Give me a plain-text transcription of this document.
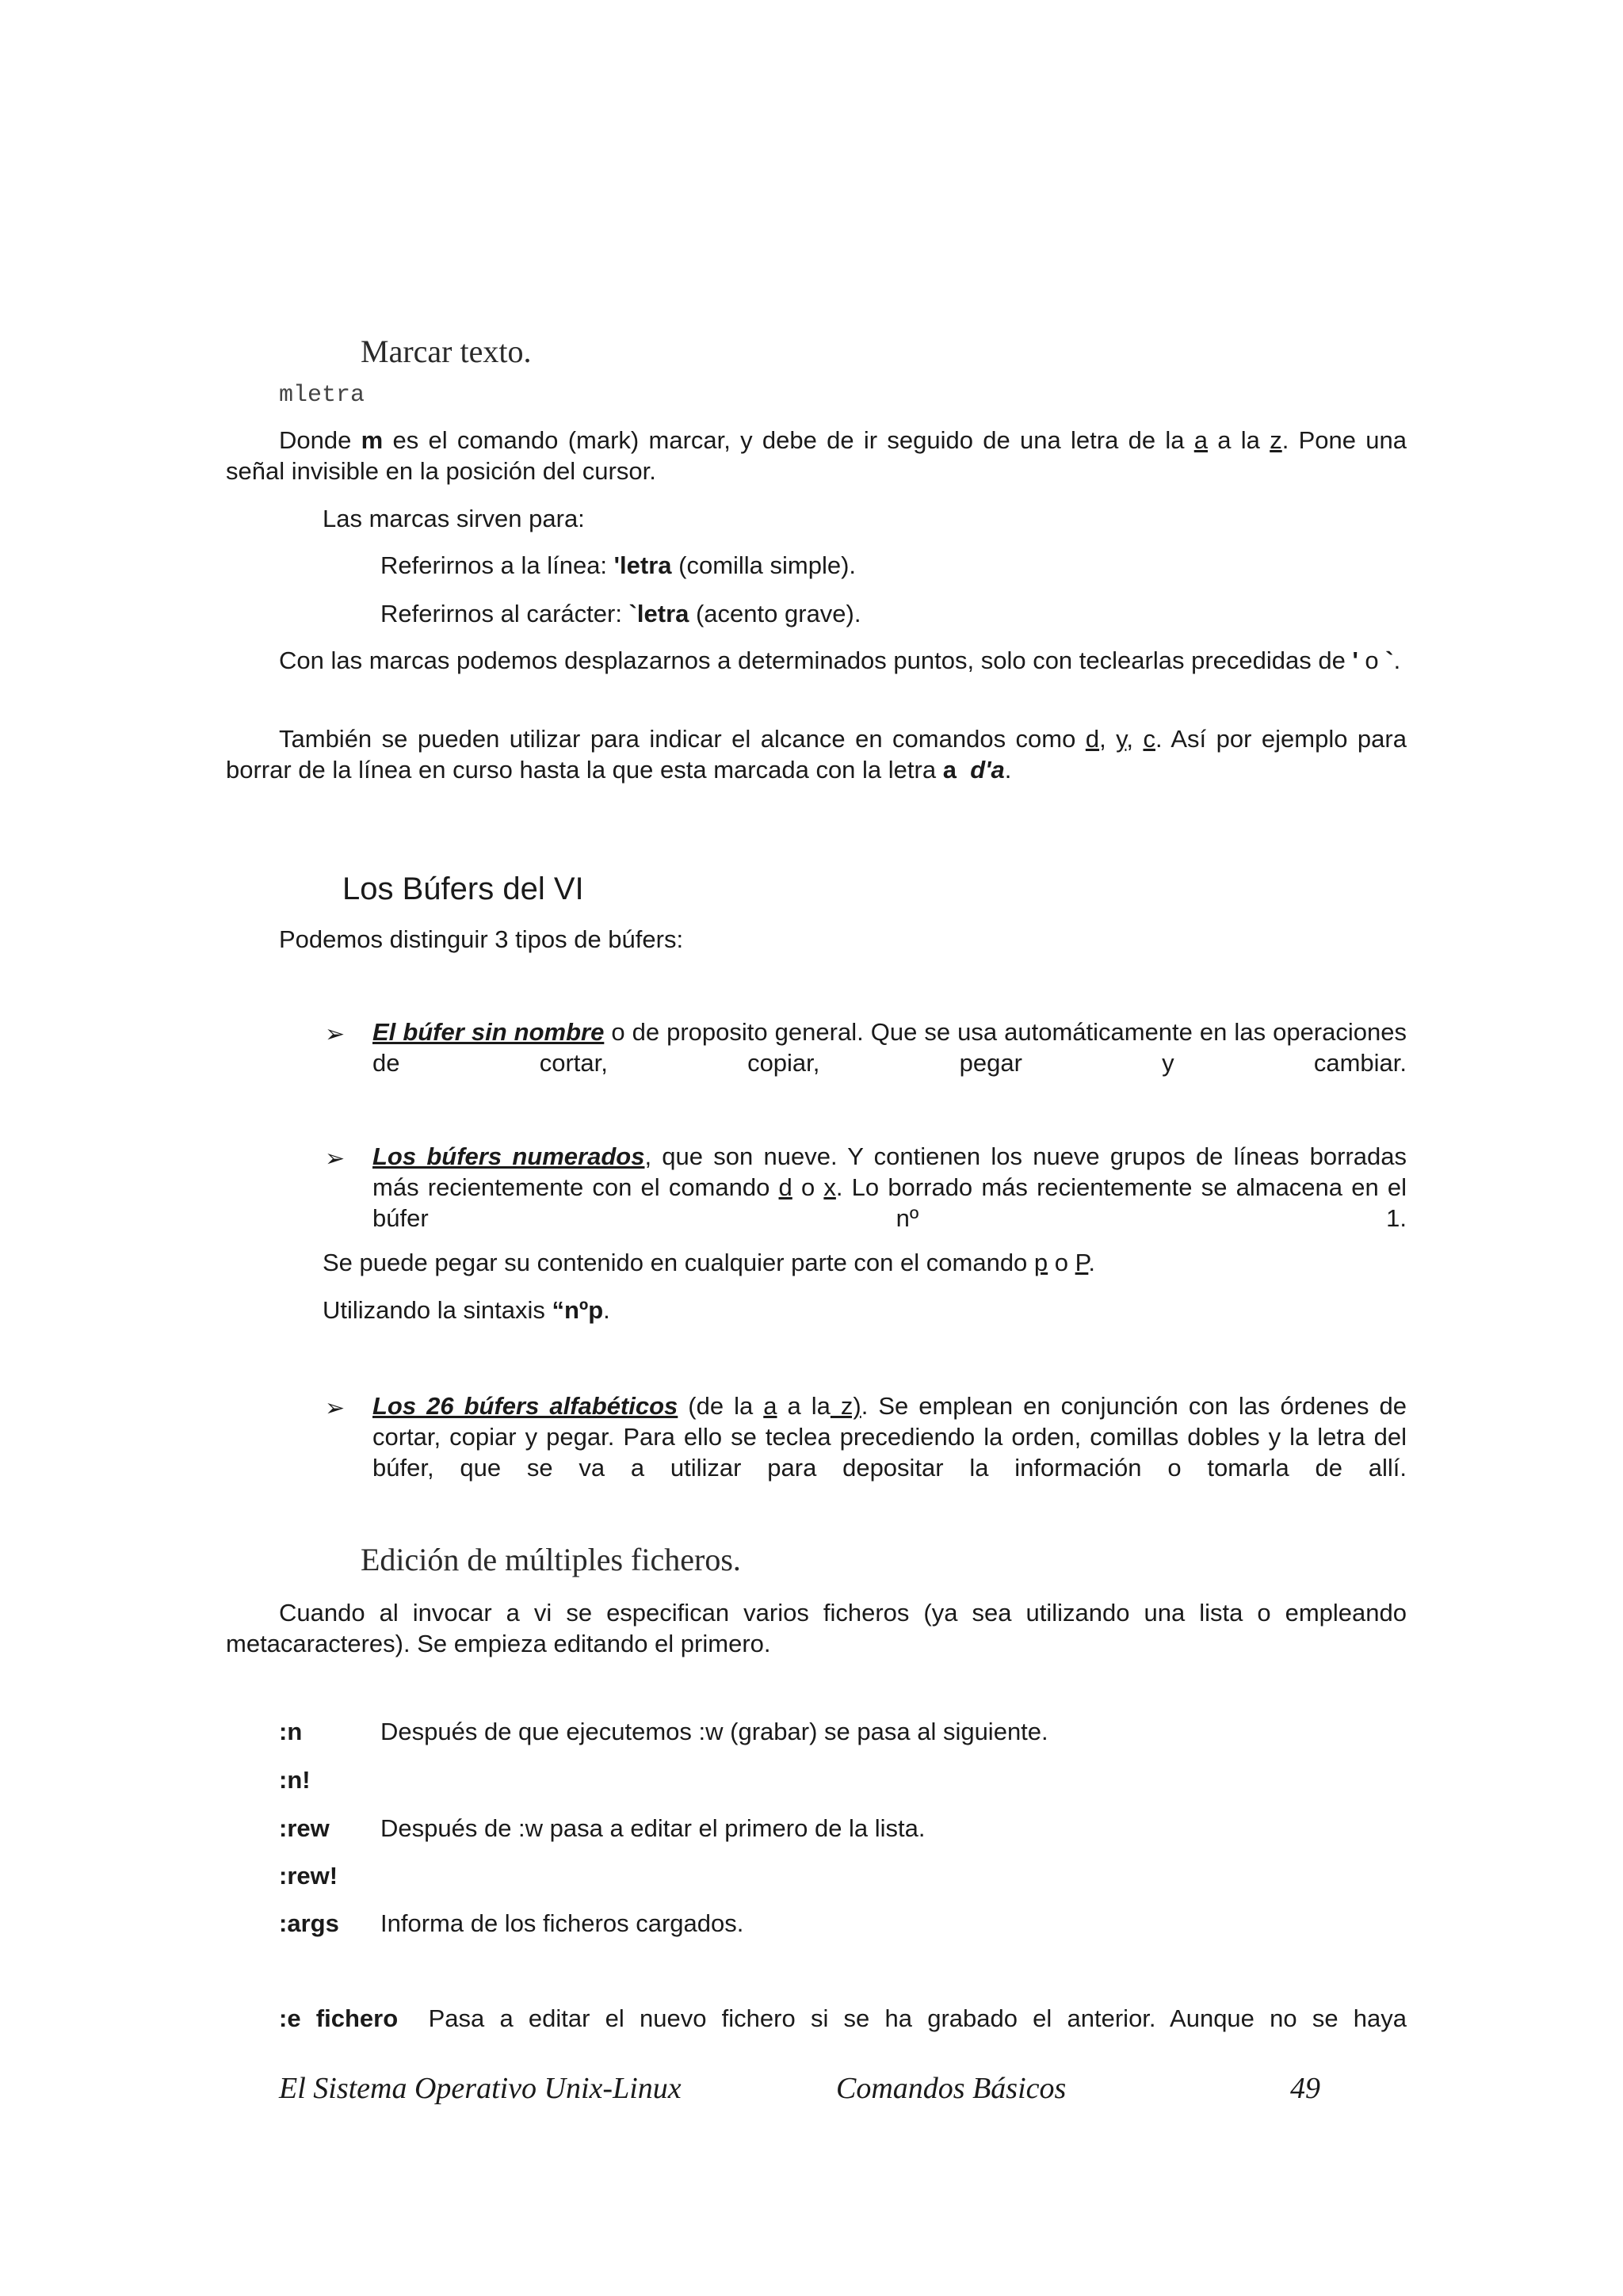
Marcar texto.
mletra
Donde m es el comando (mark) marcar, y debe de ir seguido de una letra de la a a la z. Pone una señal invisible en la posición del cursor.
Las marcas sirven para:
Referirnos a la línea: 'letra (comilla simple).
Referirnos al carácter: `letra (acento grave).
Con las marcas podemos desplazarnos a determinados puntos, solo con teclearlas precedidas de ' o `.
También se pueden utilizar para indicar el alcance en comandos como d, y, c. Así por ejemplo para borrar de la línea en curso hasta la que esta marcada con la letra a d'a.
Los Búfers del VI
Podemos distinguir 3 tipos de búfers:
➢ El búfer sin nombre o de proposito general. Que se usa automáticamente en las operaciones de cortar, copiar, pegar y cambiar.
➢ Los búfers numerados, que son nueve. Y contienen los nueve grupos de líneas borradas más recientemente con el comando d o x. Lo borrado más recientemente se almacena en el búfer nº 1.
Se puede pegar su contenido en cualquier parte con el comando p o P.
Utilizando la sintaxis “nºp.
➢ Los 26 búfers alfabéticos (de la a a la z). Se emplean en conjunción con las órdenes de cortar, copiar y pegar. Para ello se teclea precediendo la orden, comillas dobles y la letra del búfer, que se va a utilizar para depositar la información o tomarla de allí.
Edición de múltiples ficheros.
Cuando al invocar a vi se especifican varios ficheros (ya sea utilizando una lista o empleando metacaracteres). Se empieza editando el primero.
:n	Después de que ejecutemos :w (grabar) se pasa al siguiente.
:n!
:rew Después de :w pasa a editar el primero de la lista.
:rew!
:args Informa de los ficheros cargados.
:e fichero Pasa a editar el nuevo fichero si se ha grabado el anterior. Aunque no se haya
El Sistema Operativo Unix-Linux	Comandos Básicos	49
